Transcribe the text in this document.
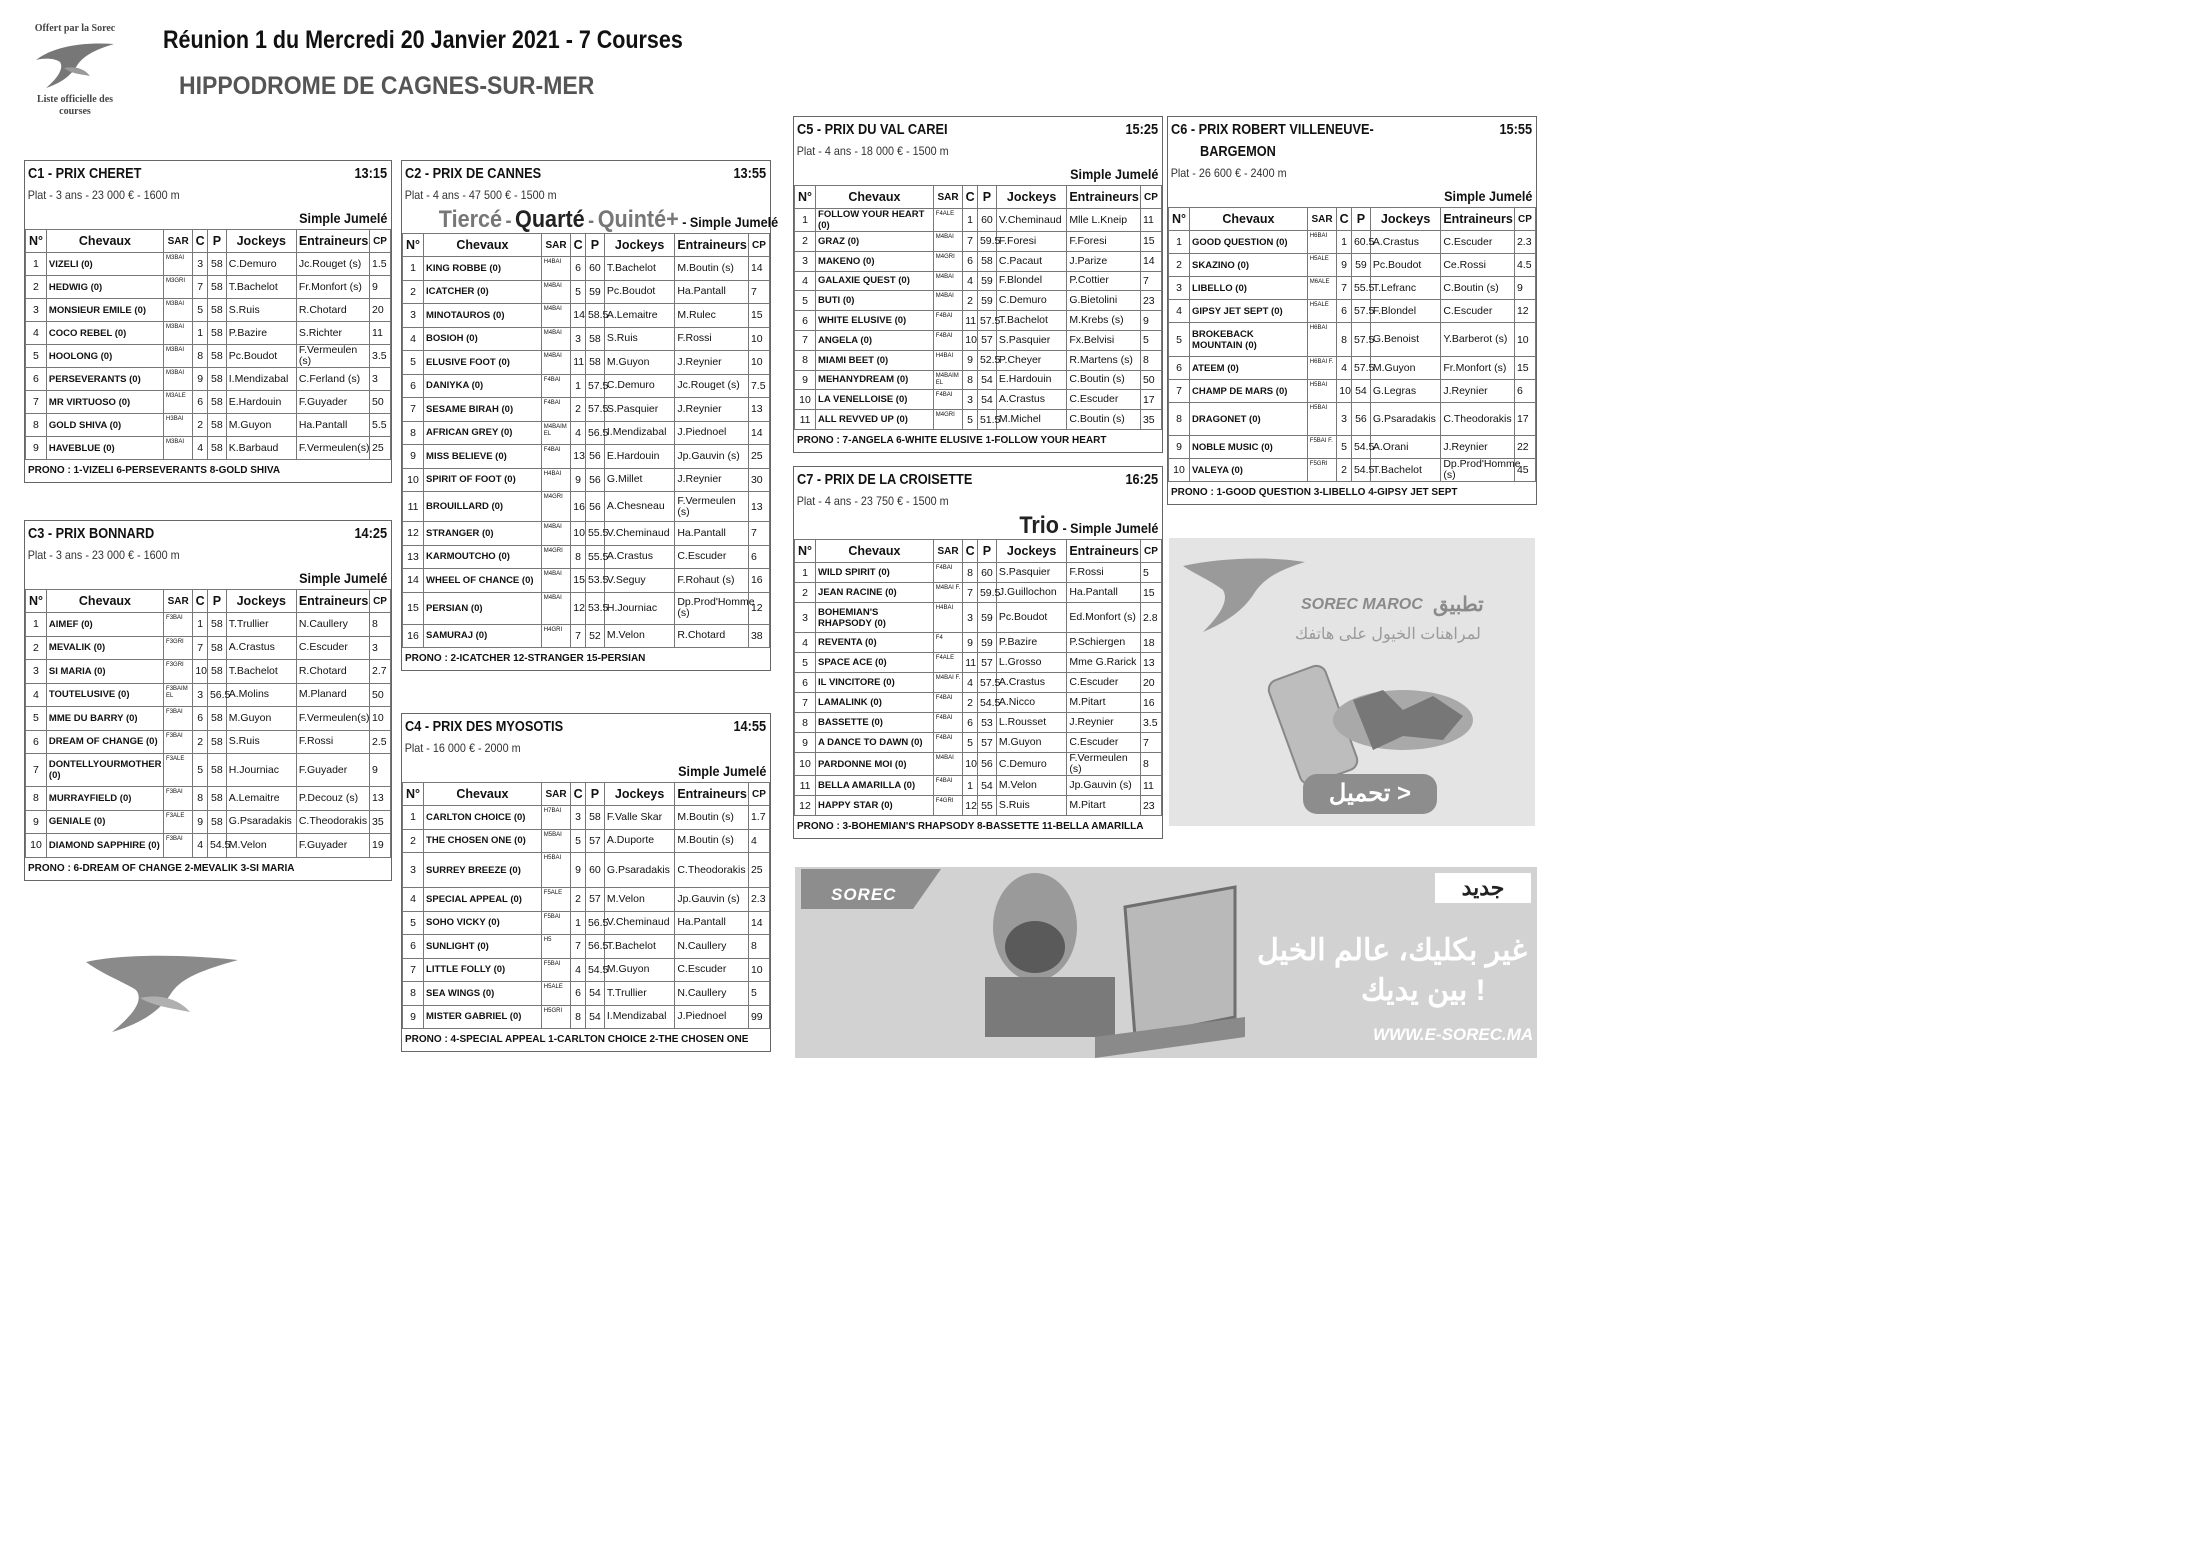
Offert par la Sorec
Liste officielle des courses
Réunion 1 du Mercredi 20 Janvier 2021 - 7 Courses
HIPPODROME DE CAGNES-SUR-MER
C1 - PRIX CHERET	13:15
Plat - 3 ans - 23 000 € - 1600 m
Simple Jumelé
N°	Chevaux	SAR	C	P	Jockeys	Entraineurs	CP
1	VIZELI (0)	M3BAI	3	58	C.Demuro	Jc.Rouget (s)	1.5
2	HEDWIG (0)	M3GRI	7	58	T.Bachelot	Fr.Monfort (s)	9
3	MONSIEUR EMILE (0)	M3BAI	5	58	S.Ruis	R.Chotard	20
4	COCO REBEL (0)	M3BAI	1	58	P.Bazire	S.Richter	11
5	HOOLONG (0)	M3BAI	8	58	Pc.Boudot	F.Vermeulen (s)	3.5
6	PERSEVERANTS (0)	M3BAI	9	58	I.Mendizabal	C.Ferland (s)	3
7	MR VIRTUOSO (0)	M3ALE	6	58	E.Hardouin	F.Guyader	50
8	GOLD SHIVA (0)	H3BAI	2	58	M.Guyon	Ha.Pantall	5.5
9	HAVEBLUE (0)	M3BAI	4	58	K.Barbaud	F.Vermeulen(s)	25
PRONO : 1-VIZELI 6-PERSEVERANTS 8-GOLD SHIVA
C2 - PRIX DE CANNES	13:55
Plat - 4 ans - 47 500 € - 1500 m
Tiercé - Quarté - Quinté+ - Simple Jumelé
N°	Chevaux	SAR	C	P	Jockeys	Entraineurs	CP
1	KING ROBBE (0)	H4BAI	6	60	T.Bachelot	M.Boutin (s)	14
2	ICATCHER (0)	M4BAI	5	59	Pc.Boudot	Ha.Pantall	7
3	MINOTAUROS (0)	M4BAI	14	58.5	A.Lemaitre	M.Rulec	15
4	BOSIOH (0)	M4BAI	3	58	S.Ruis	F.Rossi	10
5	ELUSIVE FOOT (0)	M4BAI	11	58	M.Guyon	J.Reynier	10
6	DANIYKA (0)	F4BAI	1	57.5	C.Demuro	Jc.Rouget (s)	7.5
7	SESAME BIRAH (0)	F4BAI	2	57.5	S.Pasquier	J.Reynier	13
8	AFRICAN GREY (0)	M4BAIM EL	4	56.5	I.Mendizabal	J.Piednoel	14
9	MISS BELIEVE (0)	F4BAI	13	56	E.Hardouin	Jp.Gauvin (s)	25
10	SPIRIT OF FOOT (0)	H4BAI	9	56	G.Millet	J.Reynier	30
11	BROUILLARD (0)	M4GRI	16	56	A.Chesneau	F.Vermeulen (s)	13
12	STRANGER (0)	M4BAI	10	55.5	V.Cheminaud	Ha.Pantall	7
13	KARMOUTCHO (0)	M4GRI	8	55.5	A.Crastus	C.Escuder	6
14	WHEEL OF CHANCE (0)	M4BAI	15	53.5	V.Seguy	F.Rohaut (s)	16
15	PERSIAN (0)	M4BAI	12	53.5	H.Journiac	Dp.Prod'Homme (s)	12
16	SAMURAJ (0)	H4GRI	7	52	M.Velon	R.Chotard	38
PRONO : 2-ICATCHER 12-STRANGER 15-PERSIAN
C3 - PRIX BONNARD	14:25
Plat - 3 ans - 23 000 € - 1600 m
Simple Jumelé
N°	Chevaux	SAR	C	P	Jockeys	Entraineurs	CP
1	AIMEF (0)	F3BAI	1	58	T.Trullier	N.Caullery	8
2	MEVALIK (0)	F3GRI	7	58	A.Crastus	C.Escuder	3
3	SI MARIA (0)	F3GRI	10	58	T.Bachelot	R.Chotard	2.7
4	TOUTELUSIVE (0)	F3BAIM EL	3	56.5	A.Molins	M.Planard	50
5	MME DU BARRY (0)	F3BAI	6	58	M.Guyon	F.Vermeulen(s)	10
6	DREAM OF CHANGE (0)	F3BAI	2	58	S.Ruis	F.Rossi	2.5
7	DONTELLYOURMOTHER (0)	F3ALE	5	58	H.Journiac	F.Guyader	9
8	MURRAYFIELD (0)	F3BAI	8	58	A.Lemaitre	P.Decouz (s)	13
9	GENIALE (0)	F3ALE	9	58	G.Psaradakis	C.Theodorakis	35
10	DIAMOND SAPPHIRE (0)	F3BAI	4	54.5	M.Velon	F.Guyader	19
PRONO : 6-DREAM OF CHANGE 2-MEVALIK 3-SI MARIA
C4 - PRIX DES MYOSOTIS	14:55
Plat - 16 000 € - 2000 m
Simple Jumelé
N°	Chevaux	SAR	C	P	Jockeys	Entraineurs	CP
1	CARLTON CHOICE (0)	H7BAI	3	58	F.Valle Skar	M.Boutin (s)	1.7
2	THE CHOSEN ONE (0)	M5BAI	5	57	A.Duporte	M.Boutin (s)	4
3	SURREY BREEZE (0)	H5BAI	9	60	G.Psaradakis	C.Theodorakis	25
4	SPECIAL APPEAL (0)	F5ALE	2	57	M.Velon	Jp.Gauvin (s)	2.3
5	SOHO VICKY (0)	F5BAI	1	56.5	V.Cheminaud	Ha.Pantall	14
6	SUNLIGHT (0)	H5	7	56.5	T.Bachelot	N.Caullery	8
7	LITTLE FOLLY (0)	F5BAI	4	54.5	M.Guyon	C.Escuder	10
8	SEA WINGS (0)	H5ALE	6	54	T.Trullier	N.Caullery	5
9	MISTER GABRIEL (0)	H5GRI	8	54	I.Mendizabal	J.Piednoel	99
PRONO : 4-SPECIAL APPEAL 1-CARLTON CHOICE 2-THE CHOSEN ONE
C5 - PRIX DU VAL CAREI	15:25
Plat - 4 ans - 18 000 € - 1500 m
Simple Jumelé
N°	Chevaux	SAR	C	P	Jockeys	Entraineurs	CP
1	FOLLOW YOUR HEART (0)	F4ALE	1	60	V.Cheminaud	Mlle L.Kneip	11
2	GRAZ (0)	M4BAI	7	59.5	F.Foresi	F.Foresi	15
3	MAKENO (0)	M4GRI	6	58	C.Pacaut	J.Parize	14
4	GALAXIE QUEST (0)	M4BAI	4	59	F.Blondel	P.Cottier	7
5	BUTI (0)	M4BAI	2	59	C.Demuro	G.Bietolini	23
6	WHITE ELUSIVE (0)	F4BAI	11	57.5	T.Bachelot	M.Krebs (s)	9
7	ANGELA (0)	F4BAI	10	57	S.Pasquier	Fx.Belvisi	5
8	MIAMI BEET (0)	H4BAI	9	52.5	P.Cheyer	R.Martens (s)	8
9	MEHANYDREAM (0)	M4BAIM EL	8	54	E.Hardouin	C.Boutin (s)	50
10	LA VENELLOISE (0)	F4BAI	3	54	A.Crastus	C.Escuder	17
11	ALL REVVED UP (0)	M4GRI	5	51.5	M.Michel	C.Boutin (s)	35
PRONO : 7-ANGELA 6-WHITE ELUSIVE 1-FOLLOW YOUR HEART
C6 - PRIX ROBERT VILLENEUVE-
BARGEMON
15:55
Plat - 26 600 € - 2400 m
Simple Jumelé
N°	Chevaux	SAR	C	P	Jockeys	Entraineurs	CP
1	GOOD QUESTION (0)	H6BAI	1	60.5	A.Crastus	C.Escuder	2.3
2	SKAZINO (0)	H5ALE	9	59	Pc.Boudot	Ce.Rossi	4.5
3	LIBELLO (0)	M6ALE	7	55.5	T.Lefranc	C.Boutin (s)	9
4	GIPSY JET SEPT (0)	H5ALE	6	57.5	F.Blondel	C.Escuder	12
5	BROKEBACK MOUNTAIN (0)	H6BAI	8	57.5	G.Benoist	Y.Barberot (s)	10
6	ATEEM (0)	H6BAI F.	4	57.5	M.Guyon	Fr.Monfort (s)	15
7	CHAMP DE MARS (0)	H5BAI	10	54	G.Legras	J.Reynier	6
8	DRAGONET (0)	H5BAI	3	56	G.Psaradakis	C.Theodorakis	17
9	NOBLE MUSIC (0)	F5BAI F.	5	54.5	A.Orani	J.Reynier	22
10	VALEYA (0)	F5GRI	2	54.5	T.Bachelot	Dp.Prod'Homme (s)	45
PRONO : 1-GOOD QUESTION 3-LIBELLO 4-GIPSY JET SEPT
C7 - PRIX DE LA CROISETTE	16:25
Plat - 4 ans - 23 750 € - 1500 m
Trio - Simple Jumelé
N°	Chevaux	SAR	C	P	Jockeys	Entraineurs	CP
1	WILD SPIRIT (0)	F4BAI	8	60	S.Pasquier	F.Rossi	5
2	JEAN RACINE (0)	M4BAI F.	7	59.5	J.Guillochon	Ha.Pantall	15
3	BOHEMIAN'S RHAPSODY (0)	H4BAI	3	59	Pc.Boudot	Ed.Monfort (s)	2.8
4	REVENTA (0)	F4	9	59	P.Bazire	P.Schiergen	18
5	SPACE ACE (0)	F4ALE	11	57	L.Grosso	Mme G.Rarick	13
6	IL VINCITORE (0)	M4BAI F.	4	57.5	A.Crastus	C.Escuder	20
7	LAMALINK (0)	F4BAI	2	54.5	A.Nicco	M.Pitart	16
8	BASSETTE (0)	F4BAI	6	53	L.Rousset	J.Reynier	3.5
9	A DANCE TO DAWN (0)	F4BAI	5	57	M.Guyon	C.Escuder	7
10	PARDONNE MOI (0)	M4BAI	10	56	C.Demuro	F.Vermeulen (s)	8
11	BELLA AMARILLA (0)	F4BAI	1	54	M.Velon	Jp.Gauvin (s)	11
12	HAPPY STAR (0)	F4GRI	12	55	S.Ruis	M.Pitart	23
PRONO : 3-BOHEMIAN'S RHAPSODY 8-BASSETTE 11-BELLA AMARILLA
SOREC MAROC تطبيق
لمراهنات الخيول على هاتفك
تحميل >
SOREC	جديد
غير بكليك، عالم الخيل
بين يديك !
WWW.E-SOREC.MA
